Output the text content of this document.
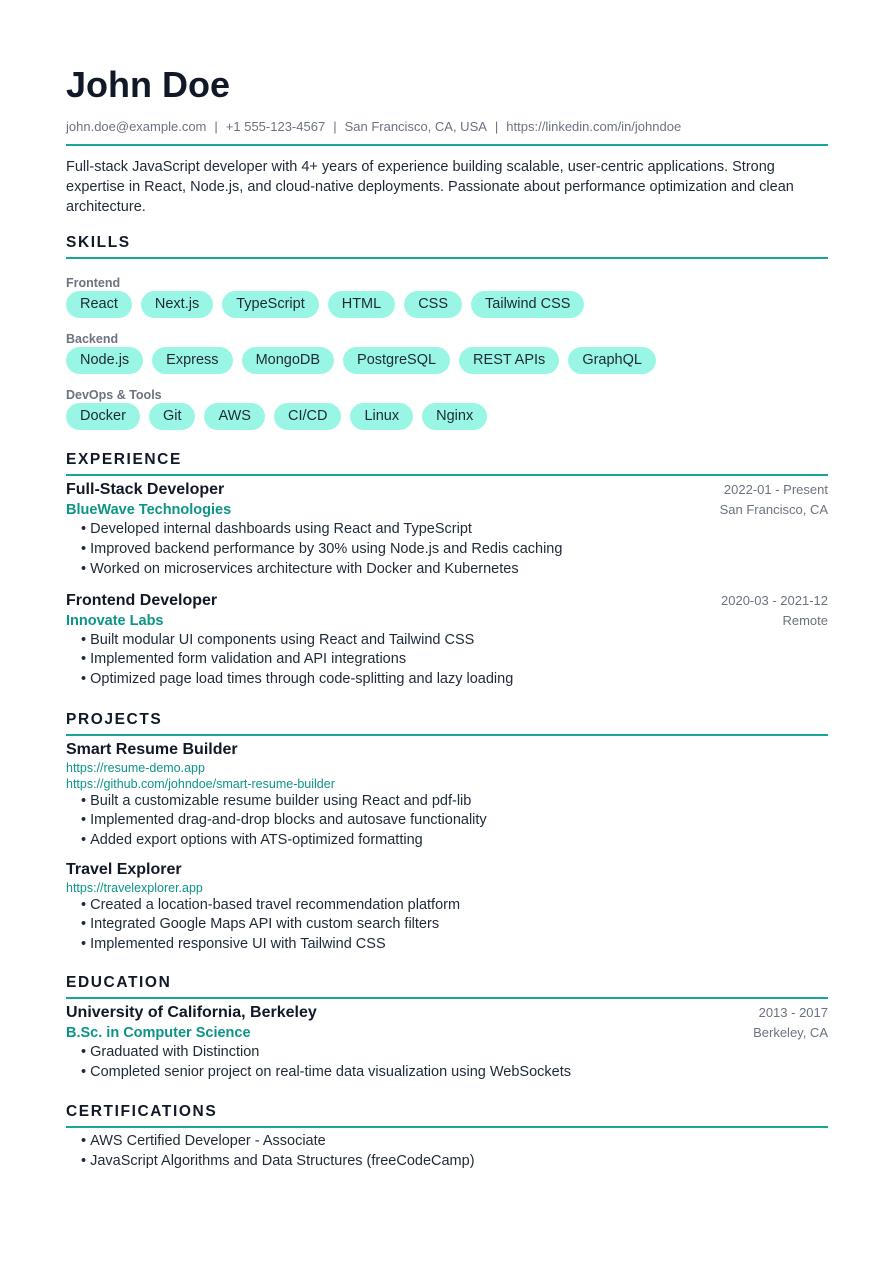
John Doe
john.doe@example.com | +1 555-123-4567 | San Francisco, CA, USA | https://linkedin.com/in/johndoe
Full-stack JavaScript developer with 4+ years of experience building scalable, user-centric applications. Strong expertise in React, Node.js, and cloud-native deployments. Passionate about performance optimization and clean architecture.
SKILLS
Frontend
React	Next.js	TypeScript	HTML	CSS	Tailwind CSS
Backend
Node.js	Express	MongoDB	PostgreSQL	REST APIs	GraphQL
DevOps & Tools
Docker	Git	AWS	CI/CD	Linux	Nginx
EXPERIENCE
Full-Stack Developer	2022-01 - Present
BlueWave Technologies	San Francisco, CA
• Developed internal dashboards using React and TypeScript
• Improved backend performance by 30% using Node.js and Redis caching
• Worked on microservices architecture with Docker and Kubernetes
Frontend Developer	2020-03 - 2021-12
Innovate Labs	Remote
• Built modular UI components using React and Tailwind CSS
• Implemented form validation and API integrations
• Optimized page load times through code-splitting and lazy loading
PROJECTS
Smart Resume Builder
https://resume-demo.app
https://github.com/johndoe/smart-resume-builder
• Built a customizable resume builder using React and pdf-lib
• Implemented drag-and-drop blocks and autosave functionality
• Added export options with ATS-optimized formatting
Travel Explorer
https://travelexplorer.app
• Created a location-based travel recommendation platform
• Integrated Google Maps API with custom search filters
• Implemented responsive UI with Tailwind CSS
EDUCATION
University of California, Berkeley	2013 - 2017
B.Sc. in Computer Science	Berkeley, CA
• Graduated with Distinction
• Completed senior project on real-time data visualization using WebSockets
CERTIFICATIONS
• AWS Certified Developer - Associate
• JavaScript Algorithms and Data Structures (freeCodeCamp)
